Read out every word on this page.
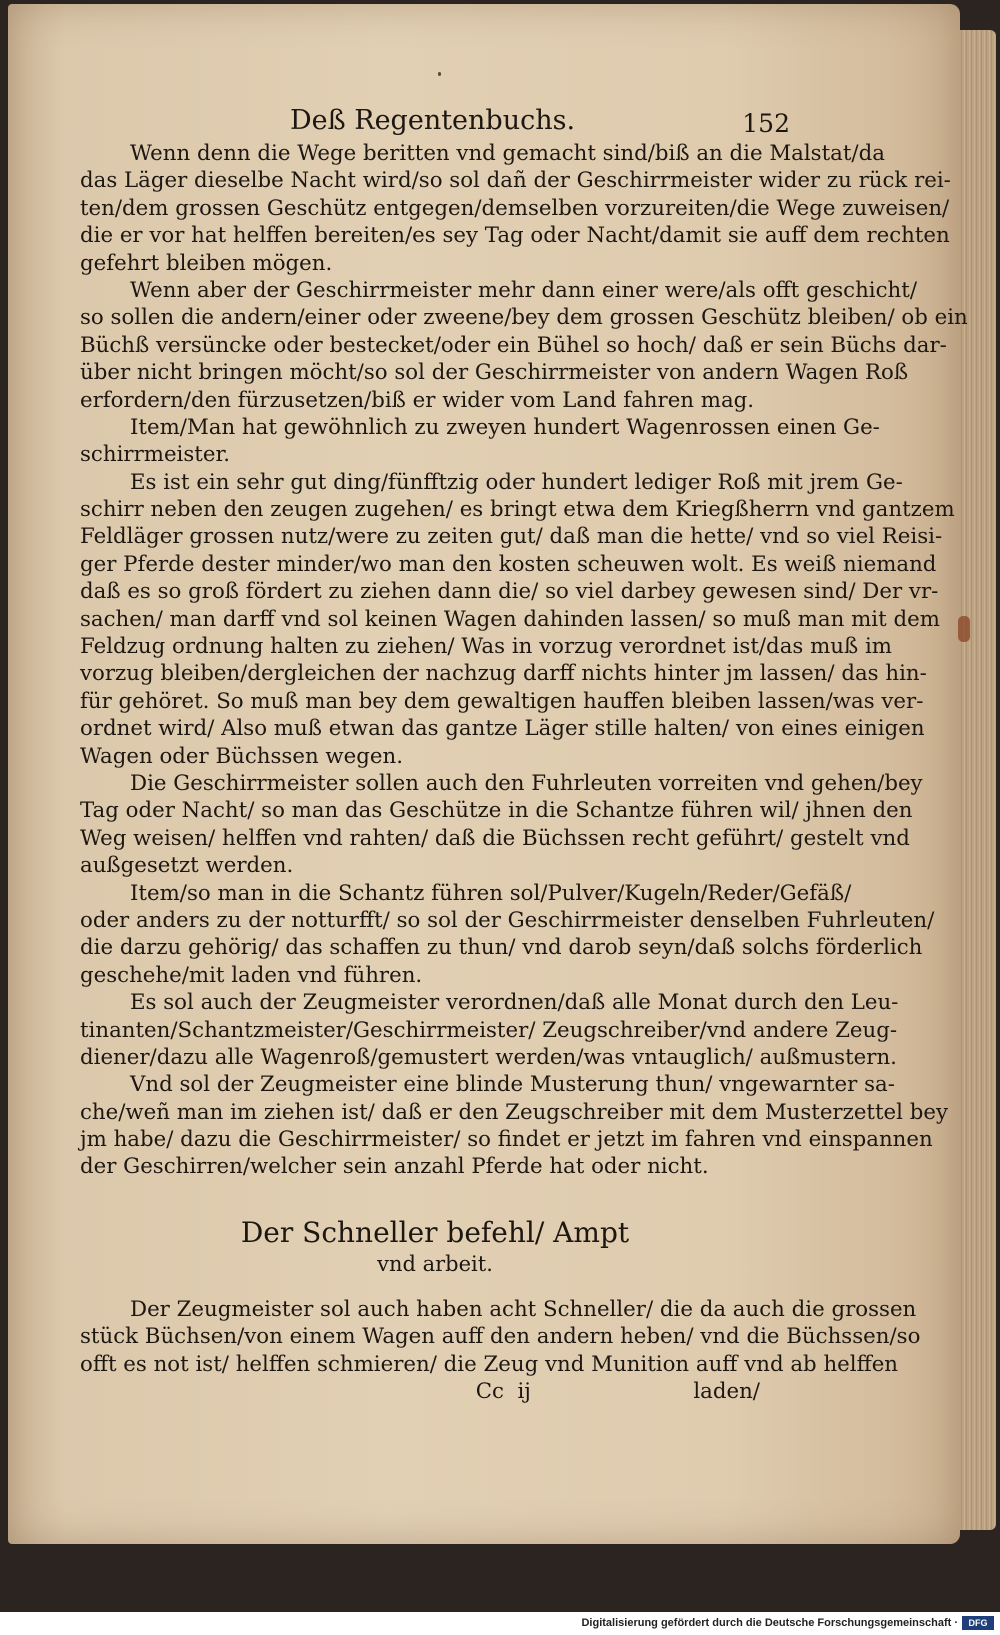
Deß Regentenbuchs.	152
Wenn denn die Wege beritten vnd gemacht sind/biß an die Malstat/da
das Läger dieselbe Nacht wird/so sol dañ der Geschirrmeister wider zu rück rei-
ten/dem grossen Geschütz entgegen/demselben vorzureiten/die Wege zuweisen/
die er vor hat helffen bereiten/es sey Tag oder Nacht/damit sie auff dem rechten
gefehrt bleiben mögen.
Wenn aber der Geschirrmeister mehr dann einer were/als offt geschicht/
so sollen die andern/einer oder zweene/bey dem grossen Geschütz bleiben/ ob ein
Büchß versüncke oder bestecket/oder ein Bühel so hoch/ daß er sein Büchs dar-
über nicht bringen möcht/so sol der Geschirrmeister von andern Wagen Roß
erfordern/den fürzusetzen/biß er wider vom Land fahren mag.
Item/Man hat gewöhnlich zu zweyen hundert Wagenrossen einen Ge-
schirrmeister.
Es ist ein sehr gut ding/fünfftzig oder hundert lediger Roß mit jrem Ge-
schirr neben den zeugen zugehen/ es bringt etwa dem Kriegßherrn vnd gantzem
Feldläger grossen nutz/were zu zeiten gut/ daß man die hette/ vnd so viel Reisi-
ger Pferde dester minder/wo man den kosten scheuwen wolt. Es weiß niemand
daß es so groß fördert zu ziehen dann die/ so viel darbey gewesen sind/ Der vr-
sachen/ man darff vnd sol keinen Wagen dahinden lassen/ so muß man mit dem
Feldzug ordnung halten zu ziehen/ Was in vorzug verordnet ist/das muß im
vorzug bleiben/dergleichen der nachzug darff nichts hinter jm lassen/ das hin-
für gehöret. So muß man bey dem gewaltigen hauffen bleiben lassen/was ver-
ordnet wird/ Also muß etwan das gantze Läger stille halten/ von eines einigen
Wagen oder Büchssen wegen.
Die Geschirrmeister sollen auch den Fuhrleuten vorreiten vnd gehen/bey
Tag oder Nacht/ so man das Geschütze in die Schantze führen wil/ jhnen den
Weg weisen/ helffen vnd rahten/ daß die Büchssen recht geführt/ gestelt vnd
außgesetzt werden.
Item/so man in die Schantz führen sol/Pulver/Kugeln/Reder/Gefäß/
oder anders zu der notturfft/ so sol der Geschirrmeister denselben Fuhrleuten/
die darzu gehörig/ das schaffen zu thun/ vnd darob seyn/daß solchs förderlich
geschehe/mit laden vnd führen.
Es sol auch der Zeugmeister verordnen/daß alle Monat durch den Leu-
tinanten/Schantzmeister/Geschirrmeister/ Zeugschreiber/vnd andere Zeug-
diener/dazu alle Wagenroß/gemustert werden/was vntauglich/ außmustern.
Vnd sol der Zeugmeister eine blinde Musterung thun/ vngewarnter sa-
che/weñ man im ziehen ist/ daß er den Zeugschreiber mit dem Musterzettel bey
jm habe/ dazu die Geschirrmeister/ so findet er jetzt im fahren vnd einspannen
der Geschirren/welcher sein anzahl Pferde hat oder nicht.
Der Schneller befehl/ Ampt
vnd arbeit.
Der Zeugmeister sol auch haben acht Schneller/ die da auch die grossen
stück Büchsen/von einem Wagen auff den andern heben/ vnd die Büchssen/so
offt es not ist/ helffen schmieren/ die Zeug vnd Munition auff vnd ab helffen
Cc  ij                        laden/
Digitalisierung gefördert durch die Deutsche Forschungsgemeinschaft ·	DFG
